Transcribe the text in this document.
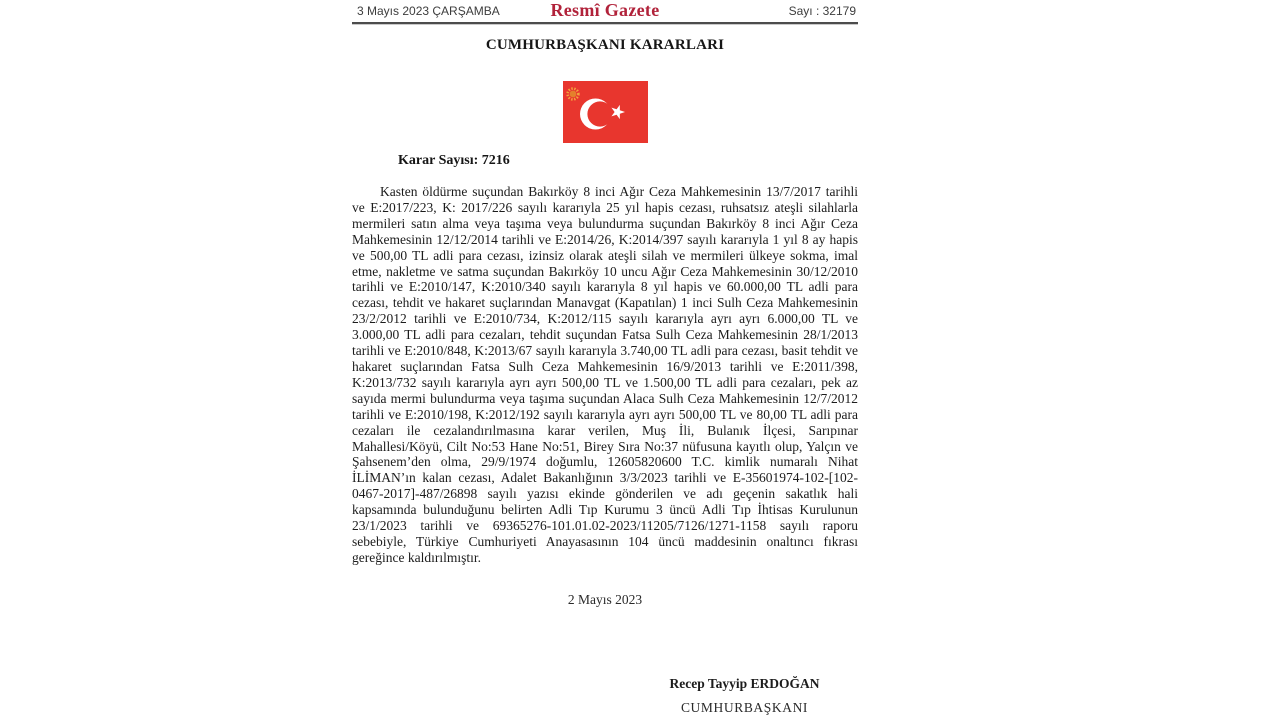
3 Mayıs 2023 ÇARŞAMBA	Resmî Gazete	Sayı : 32179
CUMHURBAŞKANI KARARLARI
Karar Sayısı: 7216
Kasten öldürme suçundan Bakırköy 8 inci Ağır Ceza Mahkemesinin 13/7/2017 tarihli ve E:2017/223, K: 2017/226 sayılı kararıyla 25 yıl hapis cezası, ruhsatsız ateşli silahlarla mermileri satın alma veya taşıma veya bulundurma suçundan Bakırköy 8 inci Ağır Ceza Mahkemesinin 12/12/2014 tarihli ve E:2014/26, K:2014/397 sayılı kararıyla 1 yıl 8 ay hapis ve 500,00 TL adli para cezası, izinsiz olarak ateşli silah ve mermileri ülkeye sokma, imal etme, nakletme ve satma suçundan Bakırköy 10 uncu Ağır Ceza Mahkemesinin 30/12/2010 tarihli ve E:2010/147, K:2010/340 sayılı kararıyla 8 yıl hapis ve 60.000,00 TL adli para cezası, tehdit ve hakaret suçlarından Manavgat (Kapatılan) 1 inci Sulh Ceza Mahkemesinin 23/2/2012 tarihli ve E:2010/734, K:2012/115 sayılı kararıyla ayrı ayrı 6.000,00 TL ve 3.000,00 TL adli para cezaları, tehdit suçundan Fatsa Sulh Ceza Mahkemesinin 28/1/2013 tarihli ve E:2010/848, K:2013/67 sayılı kararıyla 3.740,00 TL adli para cezası, basit tehdit ve hakaret suçlarından Fatsa Sulh Ceza Mahkemesinin 16/9/2013 tarihli ve E:2011/398, K:2013/732 sayılı kararıyla ayrı ayrı 500,00 TL ve 1.500,00 TL adli para cezaları, pek az sayıda mermi bulundurma veya taşıma suçundan Alaca Sulh Ceza Mahkemesinin 12/7/2012 tarihli ve E:2010/198, K:2012/192 sayılı kararıyla ayrı ayrı 500,00 TL ve 80,00 TL adli para cezaları ile cezalandırılmasına karar verilen, Muş İli, Bulanık İlçesi, Sarıpınar Mahallesi/Köyü, Cilt No:53 Hane No:51, Birey Sıra No:37 nüfusuna kayıtlı olup, Yalçın ve Şahsenem’den olma, 29/9/1974 doğumlu, 12605820600 T.C. kimlik numaralı Nihat İLİMAN’ın kalan cezası, Adalet Bakanlığının 3/3/2023 tarihli ve E-35601974-102-[102-0467-2017]-487/26898 sayılı yazısı ekinde gönderilen ve adı geçenin sakatlık hali kapsamında bulunduğunu belirten Adli Tıp Kurumu 3 üncü Adli Tıp İhtisas Kurulunun 23/1/2023 tarihli ve 69365276-101.01.02-2023/11205/7126/1271-1158 sayılı raporu sebebiyle, Türkiye Cumhuriyeti Anayasasının 104 üncü maddesinin onaltıncı fıkrası gereğince kaldırılmıştır.
2 Mayıs 2023
Recep Tayyip ERDOĞAN
CUMHURBAŞKANI
